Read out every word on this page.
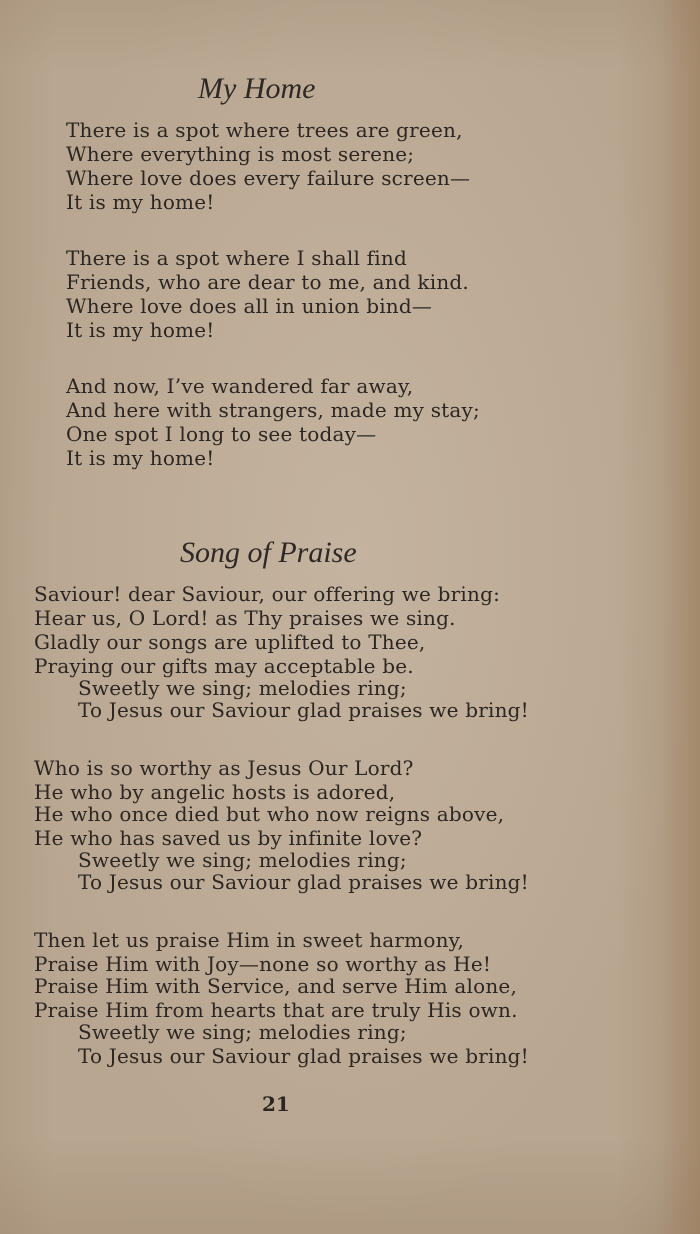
My Home
There is a spot where trees are green,
Where everything is most serene;
Where love does every failure screen—
It is my home!
There is a spot where I shall find
Friends, who are dear to me, and kind.
Where love does all in union bind—
It is my home!
And now, I’ve wandered far away,
And here with strangers, made my stay;
One spot I long to see today—
It is my home!
Song of Praise
Saviour! dear Saviour, our offering we bring:
Hear us, O Lord! as Thy praises we sing.
Gladly our songs are uplifted to Thee,
Praying our gifts may acceptable be.
Sweetly we sing; melodies ring;
To Jesus our Saviour glad praises we bring!
Who is so worthy as Jesus Our Lord?
He who by angelic hosts is adored,
He who once died but who now reigns above,
He who has saved us by infinite love?
Sweetly we sing; melodies ring;
To Jesus our Saviour glad praises we bring!
Then let us praise Him in sweet harmony,
Praise Him with Joy—none so worthy as He!
Praise Him with Service, and serve Him alone,
Praise Him from hearts that are truly His own.
Sweetly we sing; melodies ring;
To Jesus our Saviour glad praises we bring!
21
